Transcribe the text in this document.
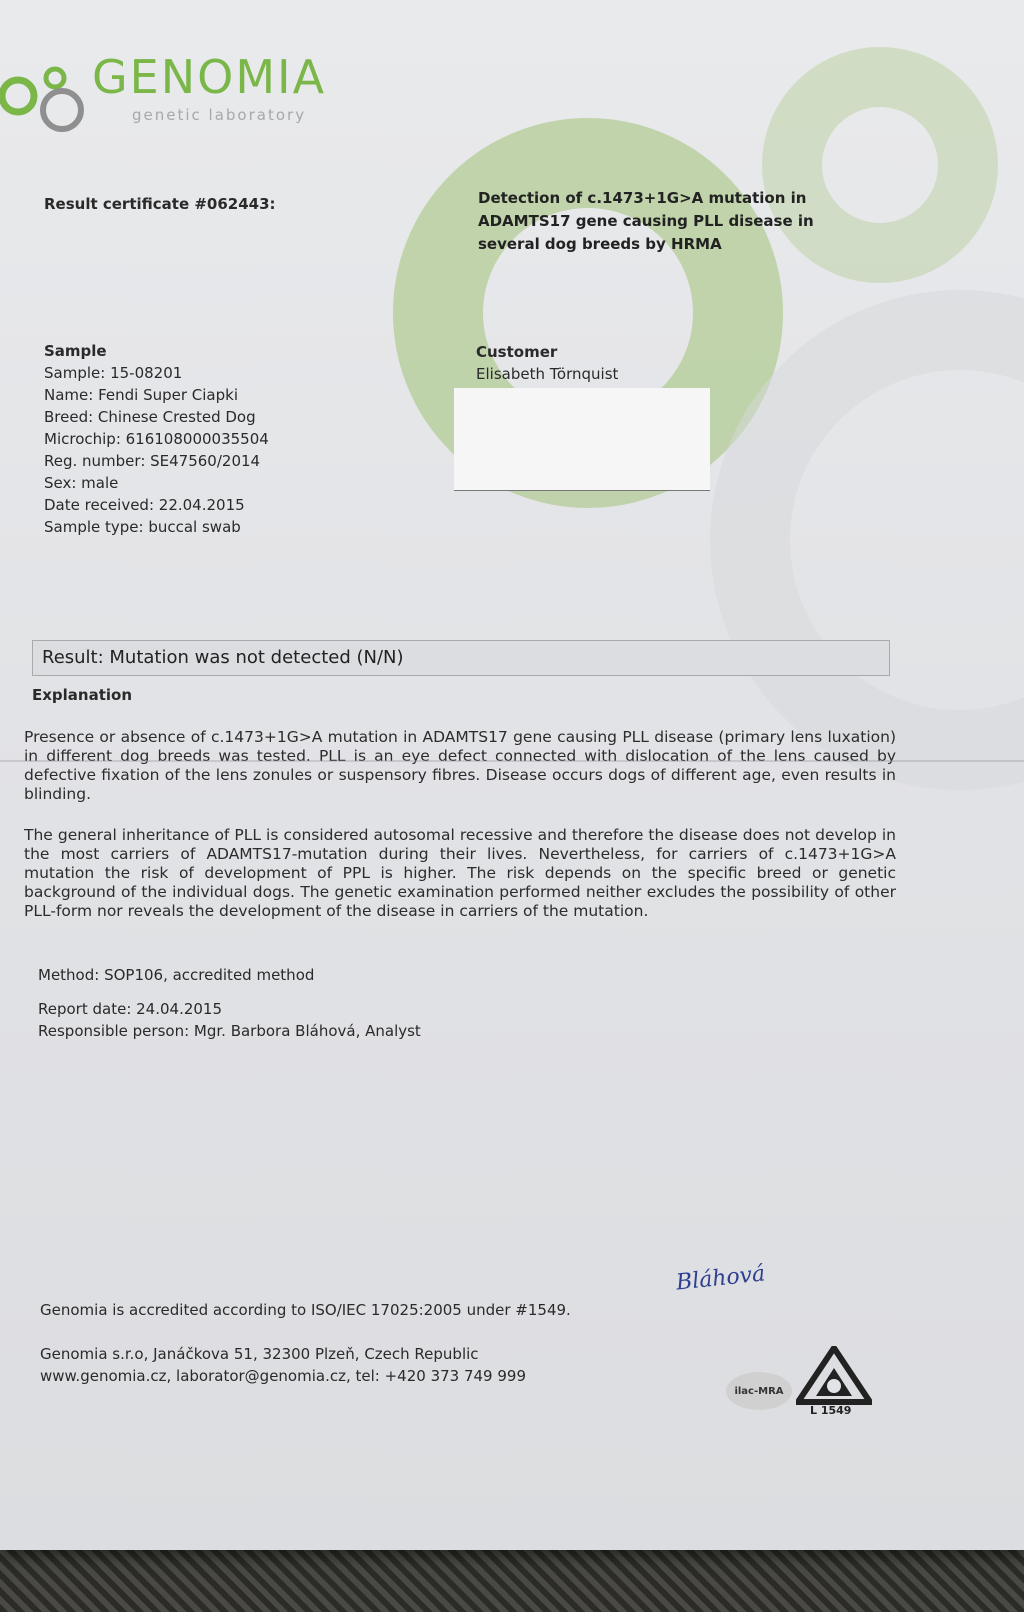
GENOMIA
genetic laboratory
Result certificate #062443:	Detection of c.1473+1G>A mutation in ADAMTS17 gene causing PLL disease in several dog breeds by HRMA
Sample
Sample: 15-08201
Name: Fendi Super Ciapki
Breed: Chinese Crested Dog
Microchip: 616108000035504
Reg. number: SE47560/2014
Sex: male
Date received: 22.04.2015
Sample type: buccal swab
Customer
Elisabeth Törnquist
Result: Mutation was not detected (N/N)
Explanation
Presence or absence of c.1473+1G>A mutation in ADAMTS17 gene causing PLL disease (primary lens luxation) in different dog breeds was tested. PLL is an eye defect connected with dislocation of the lens caused by defective fixation of the lens zonules or suspensory fibres. Disease occurs dogs of different age, even results in blinding.
The general inheritance of PLL is considered autosomal recessive and therefore the disease does not develop in the most carriers of ADAMTS17-mutation during their lives. Nevertheless, for carriers of c.1473+1G>A mutation the risk of development of PPL is higher. The risk depends on the specific breed or genetic background of the individual dogs. The genetic examination performed neither excludes the possibility of other PLL-form nor reveals the development of the disease in carriers of the mutation.
Method: SOP106, accredited method
Report date: 24.04.2015
Responsible person: Mgr. Barbora Bláhová, Analyst
Bláhová
Genomia is accredited according to ISO/IEC 17025:2005 under #1549.
Genomia s.r.o, Janáčkova 51, 32300 Plzeň, Czech Republic
www.genomia.cz, laborator@genomia.cz, tel: +420 373 749 999
ilac-MRA
L 1549
